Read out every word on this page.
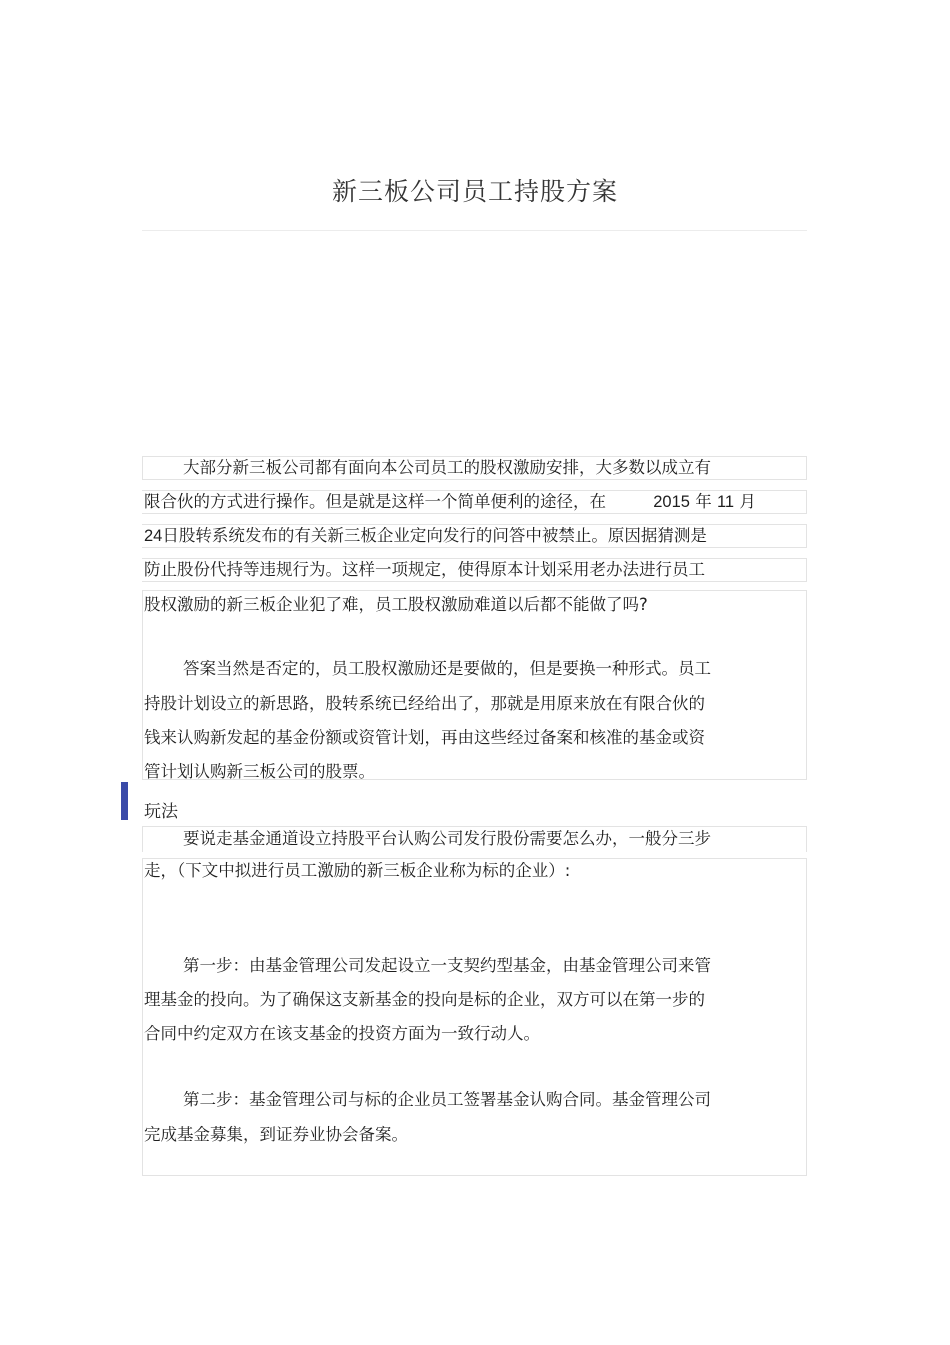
新三板公司员工持股方案
大部分新三板公司都有面向本公司员工的股权激励安排，大多数以成立有
限合伙的方式进行操作。但是就是这样一个简单便利的途径，在	2015 年 11 月
24日股转系统发布的有关新三板企业定向发行的问答中被禁止。原因据猜测是
防止股份代持等违规行为。这样一项规定，使得原本计划采用老办法进行员工
股权激励的新三板企业犯了难，员工股权激励难道以后都不能做了吗?
答案当然是否定的，员工股权激励还是要做的，但是要换一种形式。员工
持股计划设立的新思路，股转系统已经给出了，那就是用原来放在有限合伙的
钱来认购新发起的基金份额或资管计划，再由这些经过备案和核准的基金或资
管计划认购新三板公司的股票。
玩法
要说走基金通道设立持股平台认购公司发行股份需要怎么办，一般分三步
走，（下文中拟进行员工激励的新三板企业称为标的企业）:
第一步：由基金管理公司发起设立一支契约型基金，由基金管理公司来管
理基金的投向。为了确保这支新基金的投向是标的企业，双方可以在第一步的
合同中约定双方在该支基金的投资方面为一致行动人。
第二步：基金管理公司与标的企业员工签署基金认购合同。基金管理公司
完成基金募集，到证券业协会备案。
